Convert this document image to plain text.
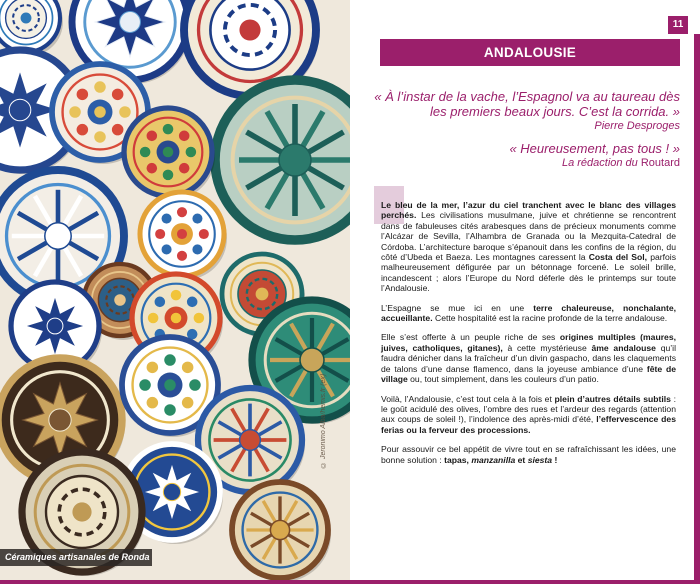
© Jeronimo Alba/hemis.fr (ex)
Céramiques artisanales de Ronda
11
ANDALOUSIE
« À l’instar de la vache, l’Espagnol va au taureau dès les premiers beaux jours. C’est la corrida. »
Pierre Desproges
« Heureusement, pas tous ! »
La rédaction du Routard

Le bleu de la mer, l’azur du ciel tranchent avec le blanc des villages perchés. Les civilisations musulmane, juive et chrétienne se rencontrent dans de fabuleuses cités arabesques dans de précieux monuments comme l’Alcázar de Sevilla, l’Alhambra de Granada ou la Mezquita-Catedral de Córdoba. L’architecture baroque s’épanouit dans les confins de la région, du côté d’Ubeda et Baeza. Les montagnes caressent la Costa del Sol, parfois malheureusement défigurée par un bétonnage forcené. Le soleil brille, incandescent ; alors l’Europe du Nord déferle dès le printemps sur toute l’Andalousie.

L’Espagne se mue ici en une terre chaleureuse, nonchalante, accueillante. Cette hospitalité est la racine profonde de la terre andalouse.

Elle s’est offerte à un peuple riche de ses origines multiples (maures, juives, catholiques, gitanes), à cette mystérieuse âme andalouse qu’il faudra dénicher dans la fraîcheur d’un divin gaspacho, dans les claquements de talons d’une danse flamenco, dans la joyeuse ambiance d’une fête de village ou, tout simplement, dans les couleurs d’un patio.

Voilà, l’Andalousie, c’est tout cela à la fois et plein d’autres détails subtils : le goût acidulé des olives, l’ombre des rues et l’ardeur des regards (attention aux coups de soleil !), l’indolence des après-midi d’été, l’effervescence des ferias ou la ferveur des processions.

Pour assouvir ce bel appétit de vivre tout en se rafraîchissant les idées, une bonne solution : tapas, manzanilla et siesta !
